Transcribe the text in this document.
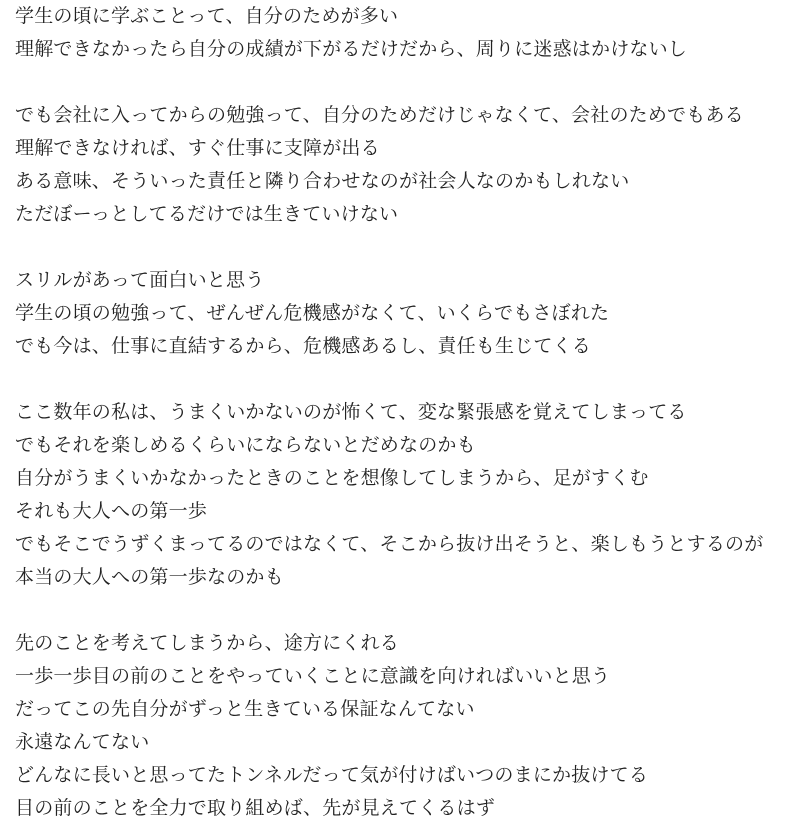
学生の頃に学ぶことって、自分のためが多い
理解できなかったら自分の成績が下がるだけだから、周りに迷惑はかけないし
でも会社に入ってからの勉強って、自分のためだけじゃなくて、会社のためでもある
理解できなければ、すぐ仕事に支障が出る
ある意味、そういった責任と隣り合わせなのが社会人なのかもしれない
ただぼーっとしてるだけでは生きていけない
スリルがあって面白いと思う
学生の頃の勉強って、ぜんぜん危機感がなくて、いくらでもさぼれた
でも今は、仕事に直結するから、危機感あるし、責任も生じてくる
ここ数年の私は、うまくいかないのが怖くて、変な緊張感を覚えてしまってる
でもそれを楽しめるくらいにならないとだめなのかも
自分がうまくいかなかったときのことを想像してしまうから、足がすくむ
それも大人への第一歩
でもそこでうずくまってるのではなくて、そこから抜け出そうと、楽しもうとするのが
本当の大人への第一歩なのかも
先のことを考えてしまうから、途方にくれる
一歩一歩目の前のことをやっていくことに意識を向ければいいと思う
だってこの先自分がずっと生きている保証なんてない
永遠なんてない
どんなに長いと思ってたトンネルだって気が付けばいつのまにか抜けてる
目の前のことを全力で取り組めば、先が見えてくるはず
